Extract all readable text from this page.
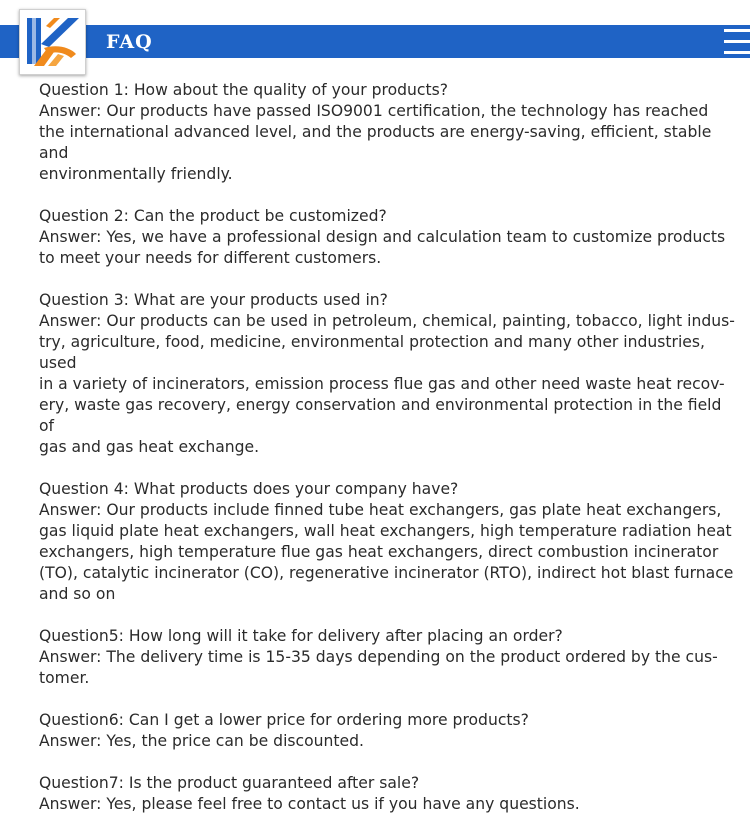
FAQ
Question 1: How about the quality of your products?
Answer: Our products have passed ISO9001 certification, the technology has reached
the international advanced level, and the products are energy-saving, efficient, stable and
environmentally friendly.
Question 2: Can the product be customized?
Answer: Yes, we have a professional design and calculation team to customize products
to meet your needs for different customers.
Question 3: What are your products used in?
Answer: Our products can be used in petroleum, chemical, painting, tobacco, light indus-
try, agriculture, food, medicine, environmental protection and many other industries, used
in a variety of incinerators, emission process flue gas and other need waste heat recov-
ery, waste gas recovery, energy conservation and environmental protection in the field of
gas and gas heat exchange.
Question 4: What products does your company have?
Answer: Our products include finned tube heat exchangers, gas plate heat exchangers,
gas liquid plate heat exchangers, wall heat exchangers, high temperature radiation heat
exchangers, high temperature flue gas heat exchangers, direct combustion incinerator
(TO), catalytic incinerator (CO), regenerative incinerator (RTO), indirect hot blast furnace
and so on
Question5: How long will it take for delivery after placing an order?
Answer: The delivery time is 15-35 days depending on the product ordered by the cus-
tomer.
Question6: Can I get a lower price for ordering more products?
Answer: Yes, the price can be discounted.
Question7: Is the product guaranteed after sale?
Answer: Yes, please feel free to contact us if you have any questions.
